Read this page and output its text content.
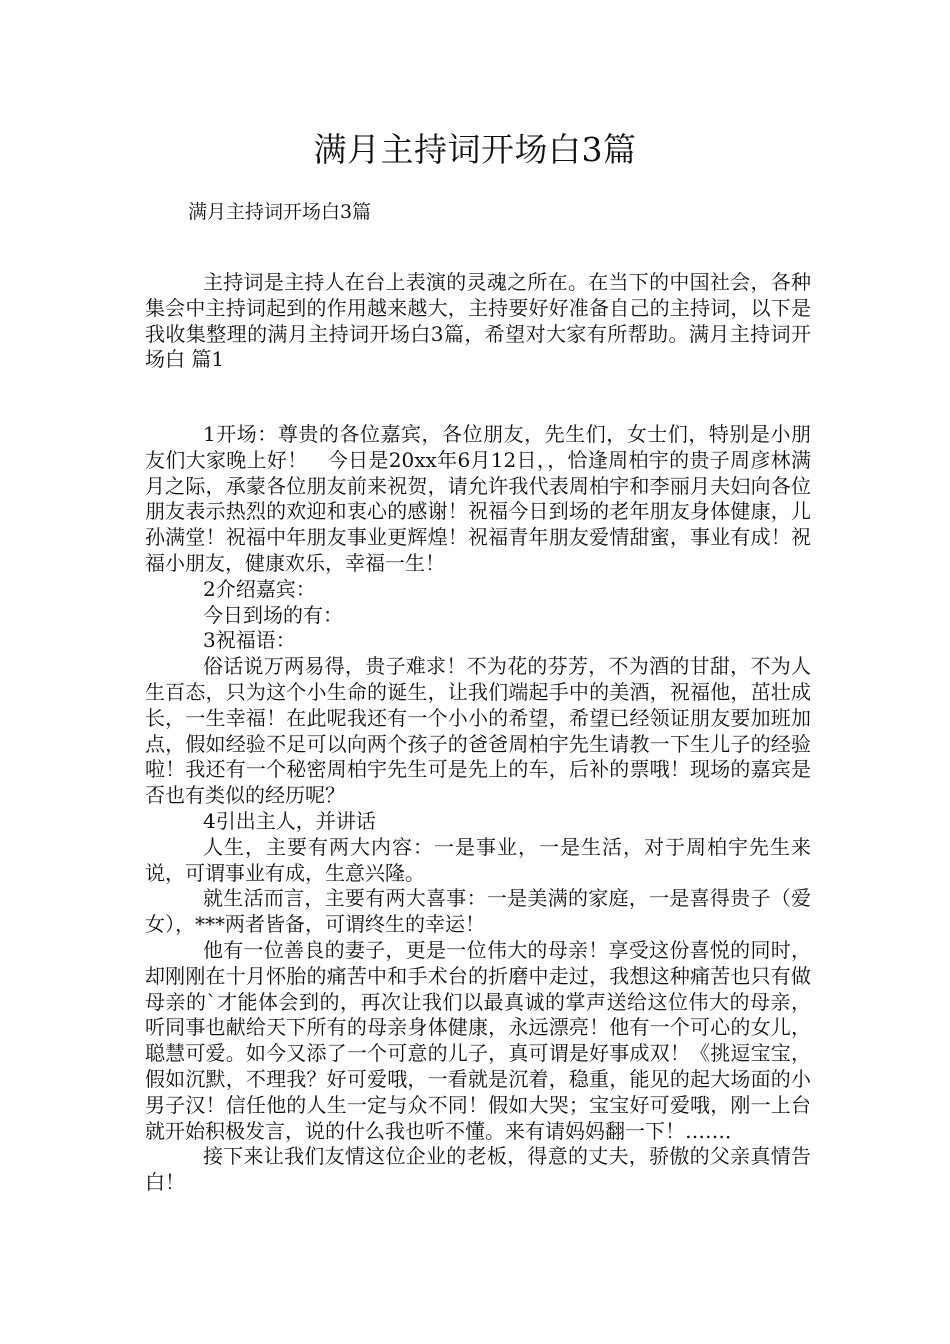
满月主持词开场白3篇
满月主持词开场白3篇

主持词是主持人在台上表演的灵魂之所在。在当下的中国社会，各种集会中主持词起到的作用越来越大，主持要好好准备自己的主持词，以下是我收集整理的满月主持词开场白3篇，希望对大家有所帮助。满月主持词开场白 篇1

1开场：尊贵的各位嘉宾，各位朋友，先生们，女士们，特别是小朋友们大家晚上好！　今日是20xx年6月12日，，恰逢周柏宇的贵子周彦林满月之际，承蒙各位朋友前来祝贺，请允许我代表周柏宇和李丽月夫妇向各位朋友表示热烈的欢迎和衷心的感谢！祝福今日到场的老年朋友身体健康，儿孙满堂！祝福中年朋友事业更辉煌！祝福青年朋友爱情甜蜜，事业有成！祝福小朋友，健康欢乐，幸福一生！

2介绍嘉宾：

今日到场的有：

3祝福语：

俗话说万两易得，贵子难求！不为花的芬芳，不为酒的甘甜，不为人生百态，只为这个小生命的诞生，让我们端起手中的美酒，祝福他，茁壮成长，一生幸福！在此呢我还有一个小小的希望，希望已经领证朋友要加班加点，假如经验不足可以向两个孩子的爸爸周柏宇先生请教一下生儿子的经验啦！我还有一个秘密周柏宇先生可是先上的车，后补的票哦！现场的嘉宾是否也有类似的经历呢？

4引出主人，并讲话

人生，主要有两大内容：一是事业，一是生活，对于周柏宇先生来说，可谓事业有成，生意兴隆。

就生活而言，主要有两大喜事：一是美满的家庭，一是喜得贵子（爱女），***两者皆备，可谓终生的幸运！

他有一位善良的妻子，更是一位伟大的母亲！享受这份喜悦的同时，却刚刚在十月怀胎的痛苦中和手术台的折磨中走过，我想这种痛苦也只有做母亲的`才能体会到的，再次让我们以最真诚的掌声送给这位伟大的母亲，听同事也献给天下所有的母亲身体健康，永远漂亮！他有一个可心的女儿，聪慧可爱。如今又添了一个可意的儿子，真可谓是好事成双！《挑逗宝宝，假如沉默，不理我？好可爱哦，一看就是沉着，稳重，能见的起大场面的小男子汉！信任他的人生一定与众不同！假如大哭；宝宝好可爱哦，刚一上台就开始积极发言，说的什么我也听不懂。来有请妈妈翻一下！……．

接下来让我们友情这位企业的老板，得意的丈夫，骄傲的父亲真情告白！
